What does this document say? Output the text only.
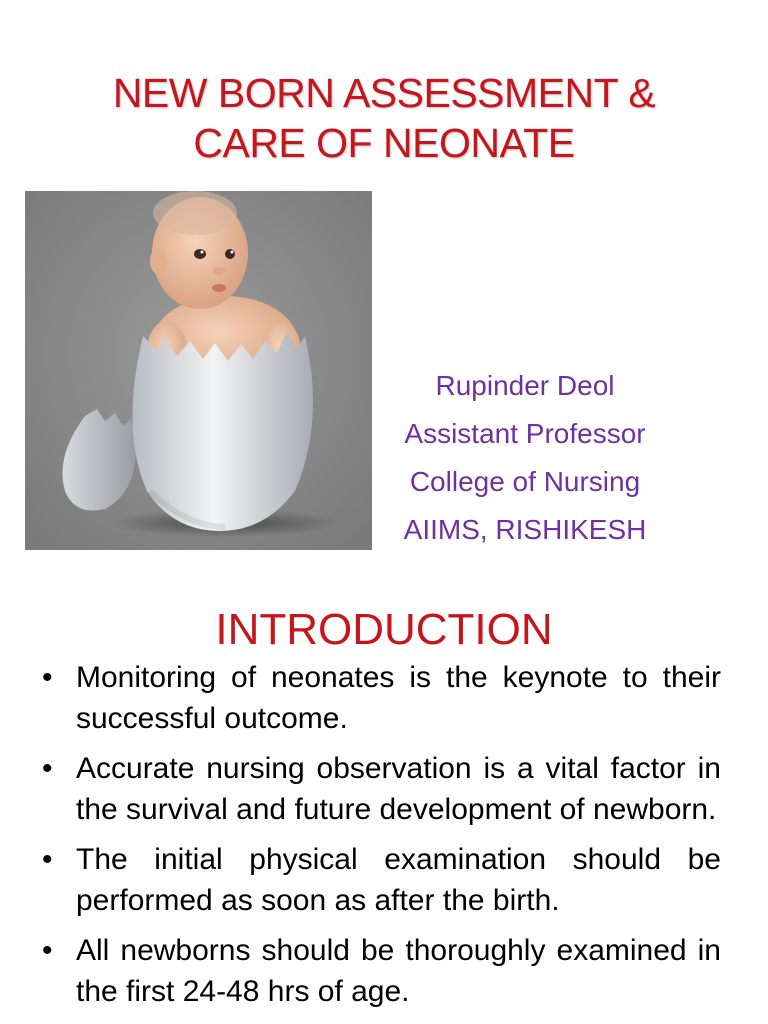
NEW BORN ASSESSMENT &
CARE OF NEONATE
Rupinder Deol
Assistant Professor
College of Nursing
AIIMS, RISHIKESH
INTRODUCTION
• Monitoring of neonates is the keynote to their successful outcome.
• Accurate nursing observation is a vital factor in the survival and future development of newborn.
• The initial physical examination should be performed as soon as after the birth.
• All newborns should be thoroughly examined in the first 24-48 hrs of age.
